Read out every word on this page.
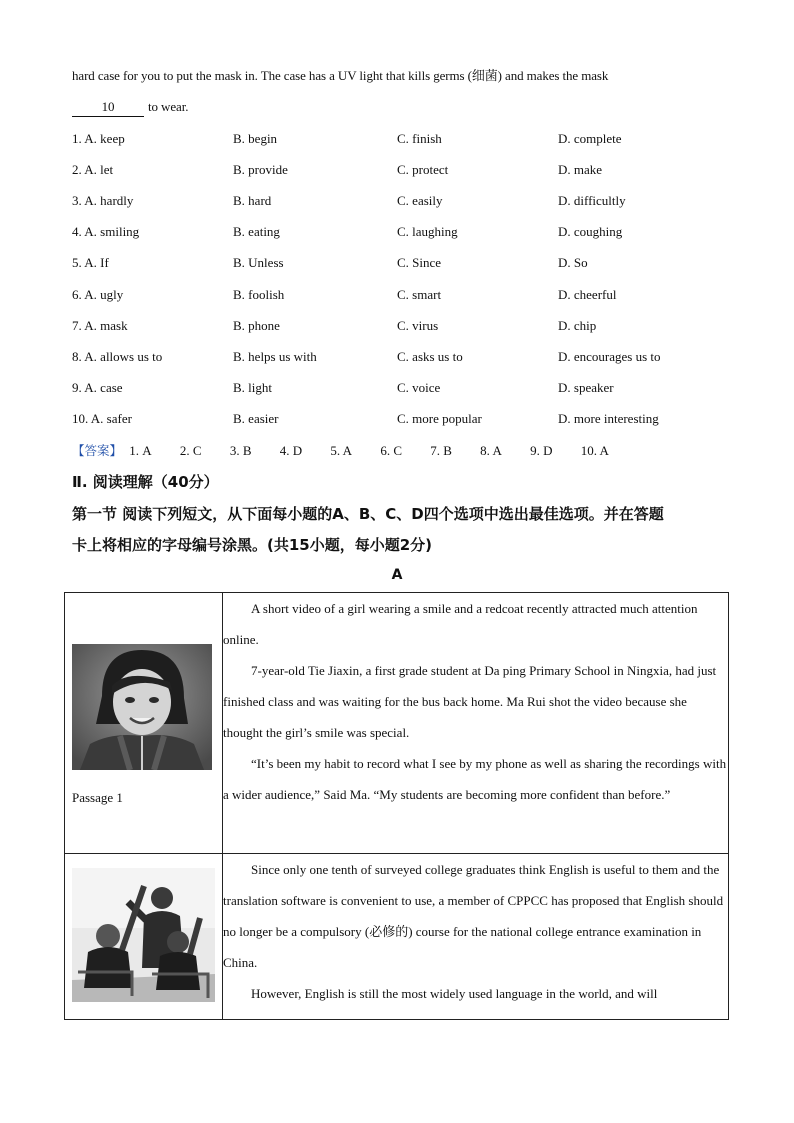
hard case for you to put the mask in. The case has a UV light that kills germs (细菌) and makes the mask
10	to wear.
1. A. keep	B. begin	C. finish	D. complete
2. A. let	B. provide	C. protect	D. make
3. A. hardly	B. hard	C. easily	D. difficultly
4. A. smiling	B. eating	C. laughing	D. coughing
5. A. If	B. Unless	C. Since	D. So
6. A. ugly	B. foolish	C. smart	D. cheerful
7. A. mask	B. phone	C. virus	D. chip
8. A. allows us to	B. helps us with	C. asks us to	D. encourages us to
9. A. case	B. light	C. voice	D. speaker
10. A. safer	B. easier	C. more popular	D. more interesting
【答案】 1. A 2. C 3. B 4. D 5. A 6. C 7. B 8. A 9. D 10. A
Ⅱ. 阅读理解（40分）
第一节 阅读下列短文，从下面每小题的A、B、C、D四个选项中选出最佳选项。并在答题
卡上将相应的字母编号涂黑。(共15小题，每小题2分)
A
Passage 1	A short video of a girl wearing a smile and a redcoat recently attracted much attention online.

7-year-old Tie Jiaxin, a first grade student at Da ping Primary School in Ningxia, had just finished class and was waiting for the bus back home. Ma Rui shot the video because she thought the girl’s smile was special.

“It’s been my habit to record what I see by my phone as well as sharing the recordings with a wider audience,” Said Ma. “My students are becoming more confident than before.”

Since only one tenth of surveyed college graduates think English is useful to them and the translation software is convenient to use, a member of CPPCC has proposed that English should no longer be a compulsory (必修的) course for the national college entrance examination in China.

However, English is still the most widely used language in the world, and will
